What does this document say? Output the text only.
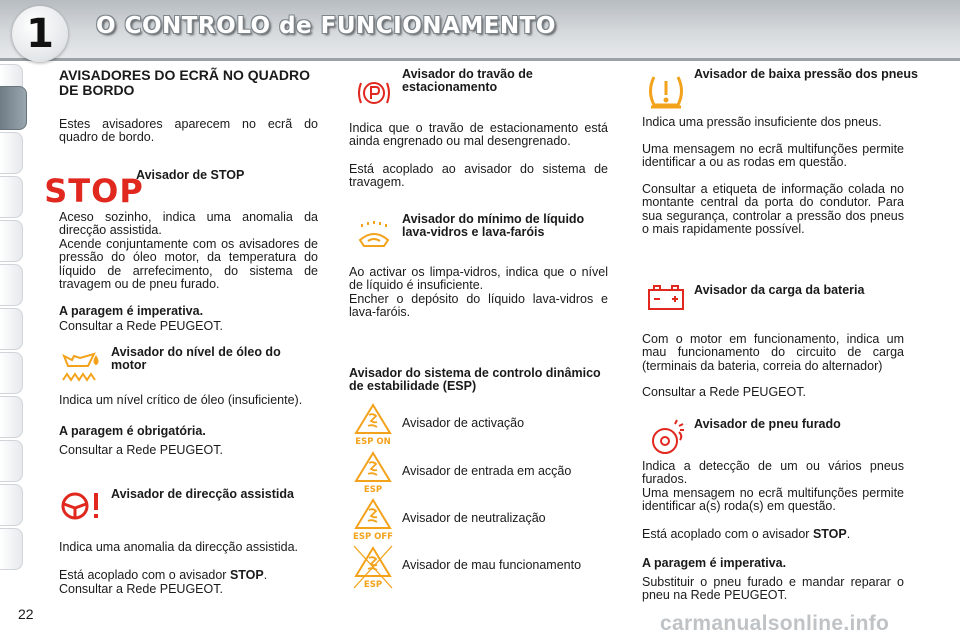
1	O CONTROLO de FUNCIONAMENTO

AVISADORES DO ECRÃ NO QUADRO DE BORDO

Estes avisadores aparecem no ecrã do quadro de bordo.

STOP

Avisador de STOP

Aceso sozinho, indica uma anomalia da direcção assistida.

Acende conjuntamente com os avisadores de pressão do óleo motor, da temperatura do líquido de arrefecimento, do sistema de travagem ou de pneu furado.

A paragem é imperativa.

Consultar a Rede PEUGEOT.

Avisador do nível de óleo do motor

Indica um nível crítico de óleo (insuficiente).

A paragem é obrigatória.

Consultar a Rede PEUGEOT.

Avisador de direcção assistida

Indica uma anomalia da direcção assistida.

Está acoplado com o avisador STOP.

Consultar a Rede PEUGEOT.

Avisador do travão de estacionamento

Indica que o travão de estacionamento está ainda engrenado ou mal desengrenado.

Está acoplado ao avisador do sistema de travagem.

Avisador do mínimo de líquido lava-vidros e lava-faróis

Ao activar os limpa-vidros, indica que o nível de líquido é insuficiente.

Encher o depósito do líquido lava-vidros e lava-faróis.

Avisador do sistema de controlo dinâmico de estabilidade (ESP)

ESP ON

Avisador de activação

ESP

Avisador de entrada em acção

ESP OFF

Avisador de neutralização

ESP

Avisador de mau funcionamento

Avisador de baixa pressão dos pneus

Indica uma pressão insuficiente dos pneus.

Uma mensagem no ecrã multifunções permite identificar a ou as rodas em questão.

Consultar a etiqueta de informação colada no montante central da porta do condutor. Para sua segurança, controlar a pressão dos pneus o mais rapidamente possível.

Avisador da carga da bateria

Com o motor em funcionamento, indica um mau funcionamento do circuito de carga (terminais da bateria, correia do alternador)

Consultar a Rede PEUGEOT.

Avisador de pneu furado

Indica a detecção de um ou vários pneus furados.

Uma mensagem no ecrã multifunções permite identificar a(s) roda(s) em questão.

Está acoplado com o avisador STOP.

A paragem é imperativa.

Substituir o pneu furado e mandar reparar o pneu na Rede PEUGEOT.

22	carmanualsonline.info
